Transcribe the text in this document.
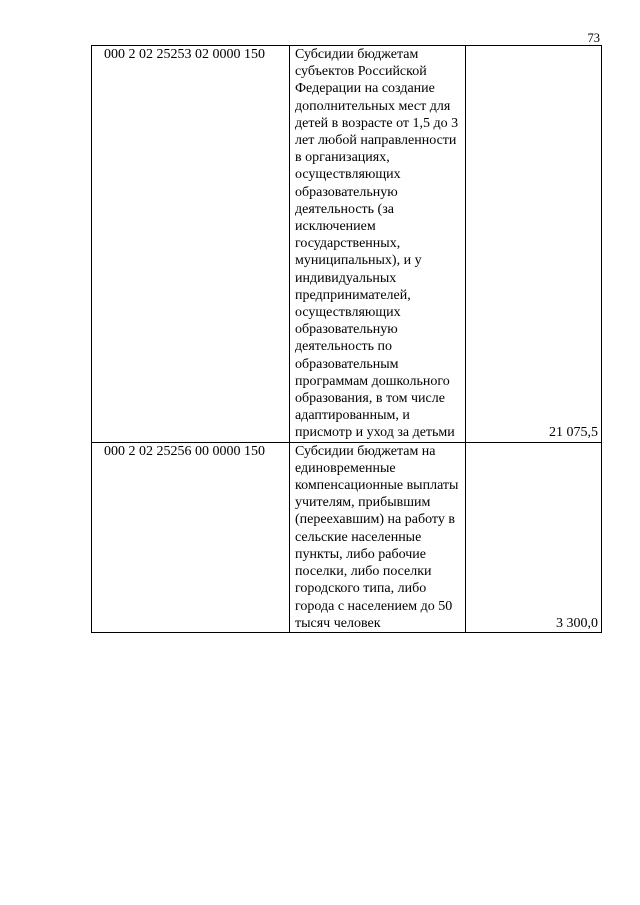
73
000 2 02 25253 02 0000 150	Субсидии бюджетам субъектов Российской Федерации на создание дополнительных мест для детей в возрасте от 1,5 до 3 лет любой направленности в организациях, осуществляющих образовательную деятельность (за исключением государственных, муниципальных), и у индивидуальных предпринимателей, осуществляющих образовательную деятельность по образовательным программам дошкольного образования, в том числе адаптированным, и присмотр и уход за детьми	21 075,5
000 2 02 25256 00 0000 150	Субсидии бюджетам на единовременные компенсационные выплаты учителям, прибывшим (переехавшим) на работу в сельские населенные пункты, либо рабочие поселки, либо поселки городского типа, либо города с населением до 50 тысяч человек	3 300,0
